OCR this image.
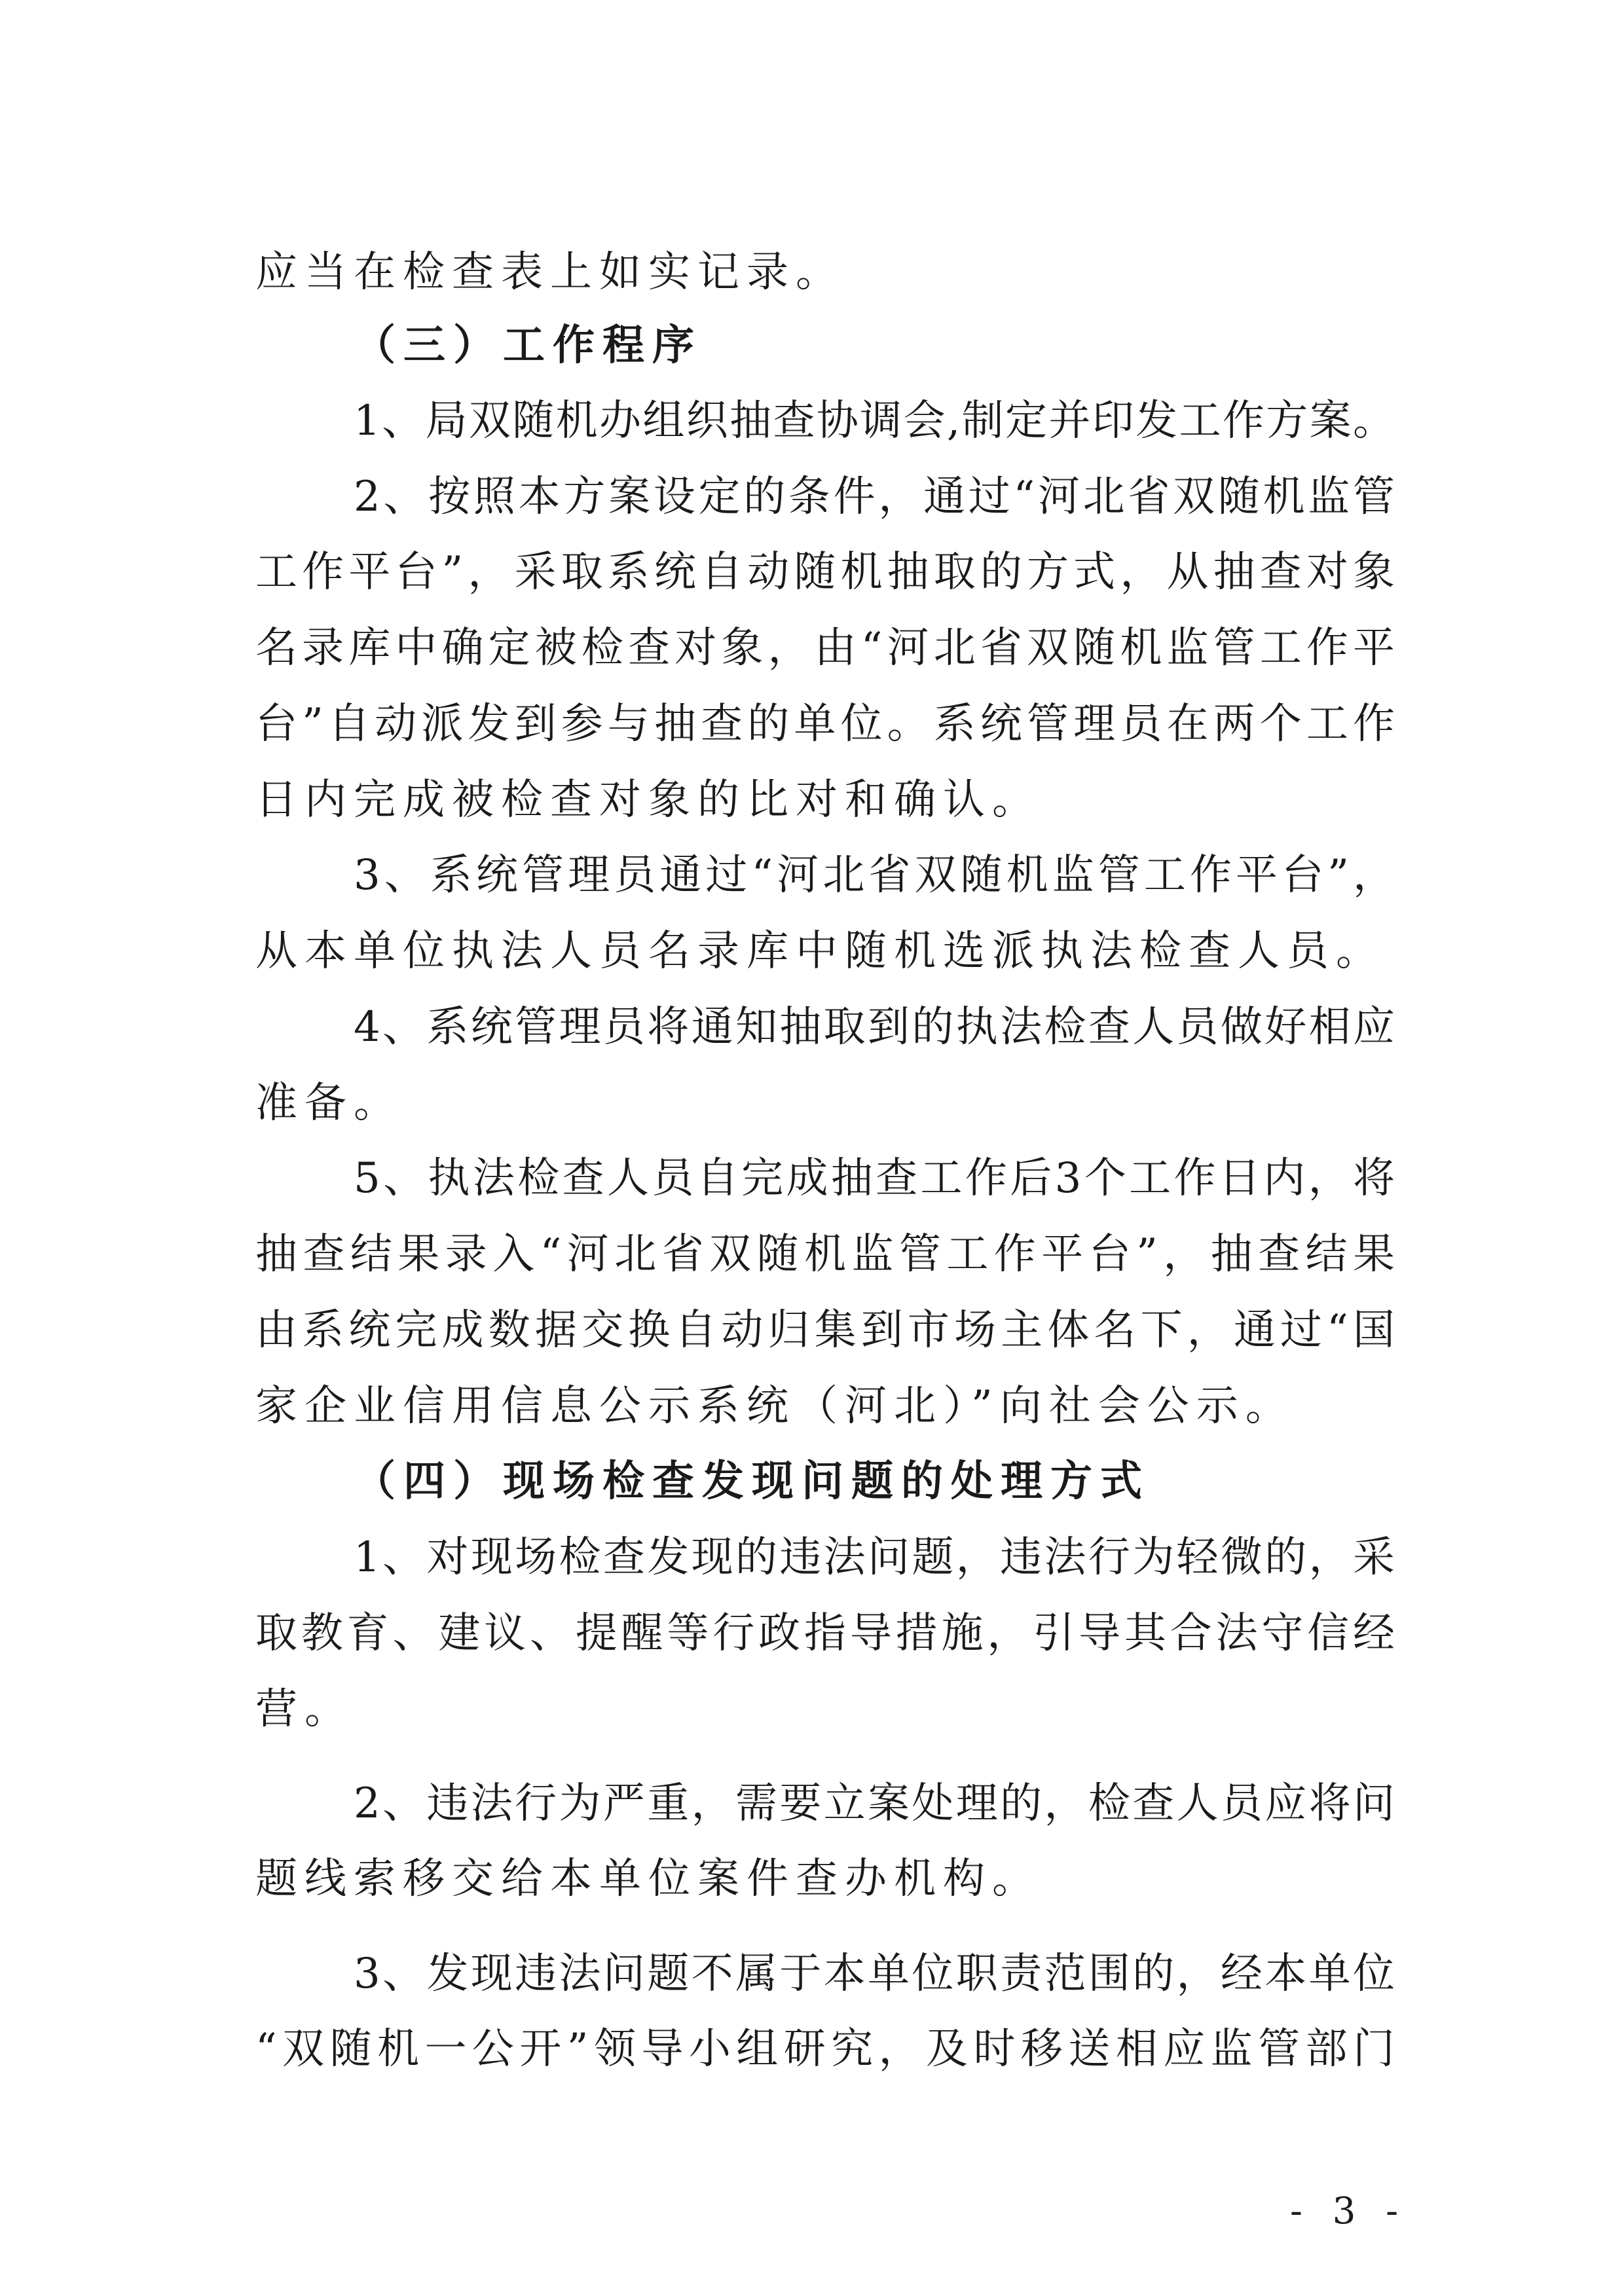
应当在检查表上如实记录。
（三）工作程序
1、局双随机办组织抽查协调会,制定并印发工作方案。
2、按照本方案设定的条件，通过“河北省双随机监管
工作平台”，采取系统自动随机抽取的方式，从抽查对象
名录库中确定被检查对象，由“河北省双随机监管工作平
台”自动派发到参与抽查的单位。系统管理员在两个工作
日内完成被检查对象的比对和确认。
3、系统管理员通过“河北省双随机监管工作平台”，
从本单位执法人员名录库中随机选派执法检查人员。
4、系统管理员将通知抽取到的执法检查人员做好相应
准备。
5、执法检查人员自完成抽查工作后3个工作日内，将
抽查结果录入“河北省双随机监管工作平台”，抽查结果
由系统完成数据交换自动归集到市场主体名下，通过“国
家企业信用信息公示系统（河北）”向社会公示。
（四）现场检查发现问题的处理方式
1、对现场检查发现的违法问题，违法行为轻微的，采
取教育、建议、提醒等行政指导措施，引导其合法守信经
营。
2、违法行为严重，需要立案处理的，检查人员应将问
题线索移交给本单位案件查办机构。
3、发现违法问题不属于本单位职责范围的，经本单位
“双随机一公开”领导小组研究，及时移送相应监管部门
- 3 -
